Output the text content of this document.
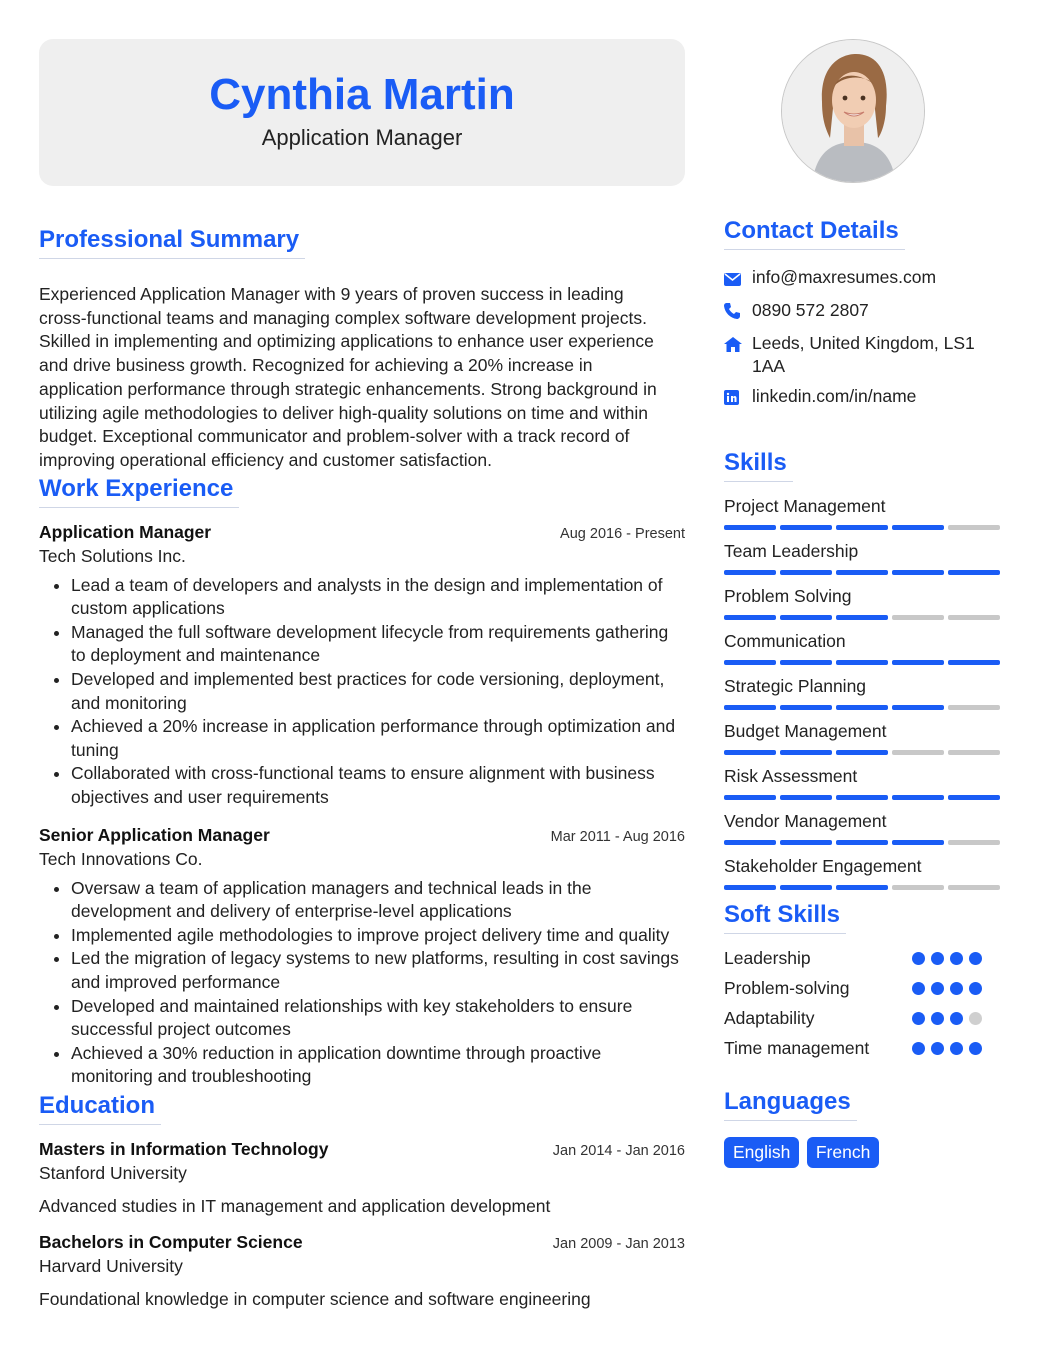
Cynthia Martin
Application Manager
Professional Summary
Experienced Application Manager with 9 years of proven success in leading
cross-functional teams and managing complex software development projects.
Skilled in implementing and optimizing applications to enhance user experience
and drive business growth. Recognized for achieving a 20% increase in
application performance through strategic enhancements. Strong background in
utilizing agile methodologies to deliver high-quality solutions on time and within
budget. Exceptional communicator and problem-solver with a track record of
improving operational efficiency and customer satisfaction.
Work Experience
Application Manager	Aug 2016 - Present
Tech Solutions Inc.
• Lead a team of developers and analysts in the design and implementation of custom applications
• Managed the full software development lifecycle from requirements gathering to deployment and maintenance
• Developed and implemented best practices for code versioning, deployment, and monitoring
• Achieved a 20% increase in application performance through optimization and tuning
• Collaborated with cross-functional teams to ensure alignment with business objectives and user requirements
Senior Application Manager	Mar 2011 - Aug 2016
Tech Innovations Co.
• Oversaw a team of application managers and technical leads in the development and delivery of enterprise-level applications
• Implemented agile methodologies to improve project delivery time and quality
• Led the migration of legacy systems to new platforms, resulting in cost savings and improved performance
• Developed and maintained relationships with key stakeholders to ensure successful project outcomes
• Achieved a 30% reduction in application downtime through proactive monitoring and troubleshooting
Education
Masters in Information Technology	Jan 2014 - Jan 2016
Stanford University
Advanced studies in IT management and application development
Bachelors in Computer Science	Jan 2009 - Jan 2013
Harvard University
Foundational knowledge in computer science and software engineering
Contact Details
info@maxresumes.com
0890 572 2807
Leeds, United Kingdom, LS1
1AA
linkedin.com/in/name
Skills
Project Management
Team Leadership
Problem Solving
Communication
Strategic Planning
Budget Management
Risk Assessment
Vendor Management
Stakeholder Engagement
Soft Skills
Leadership
Problem-solving
Adaptability
Time management
Languages
English French
